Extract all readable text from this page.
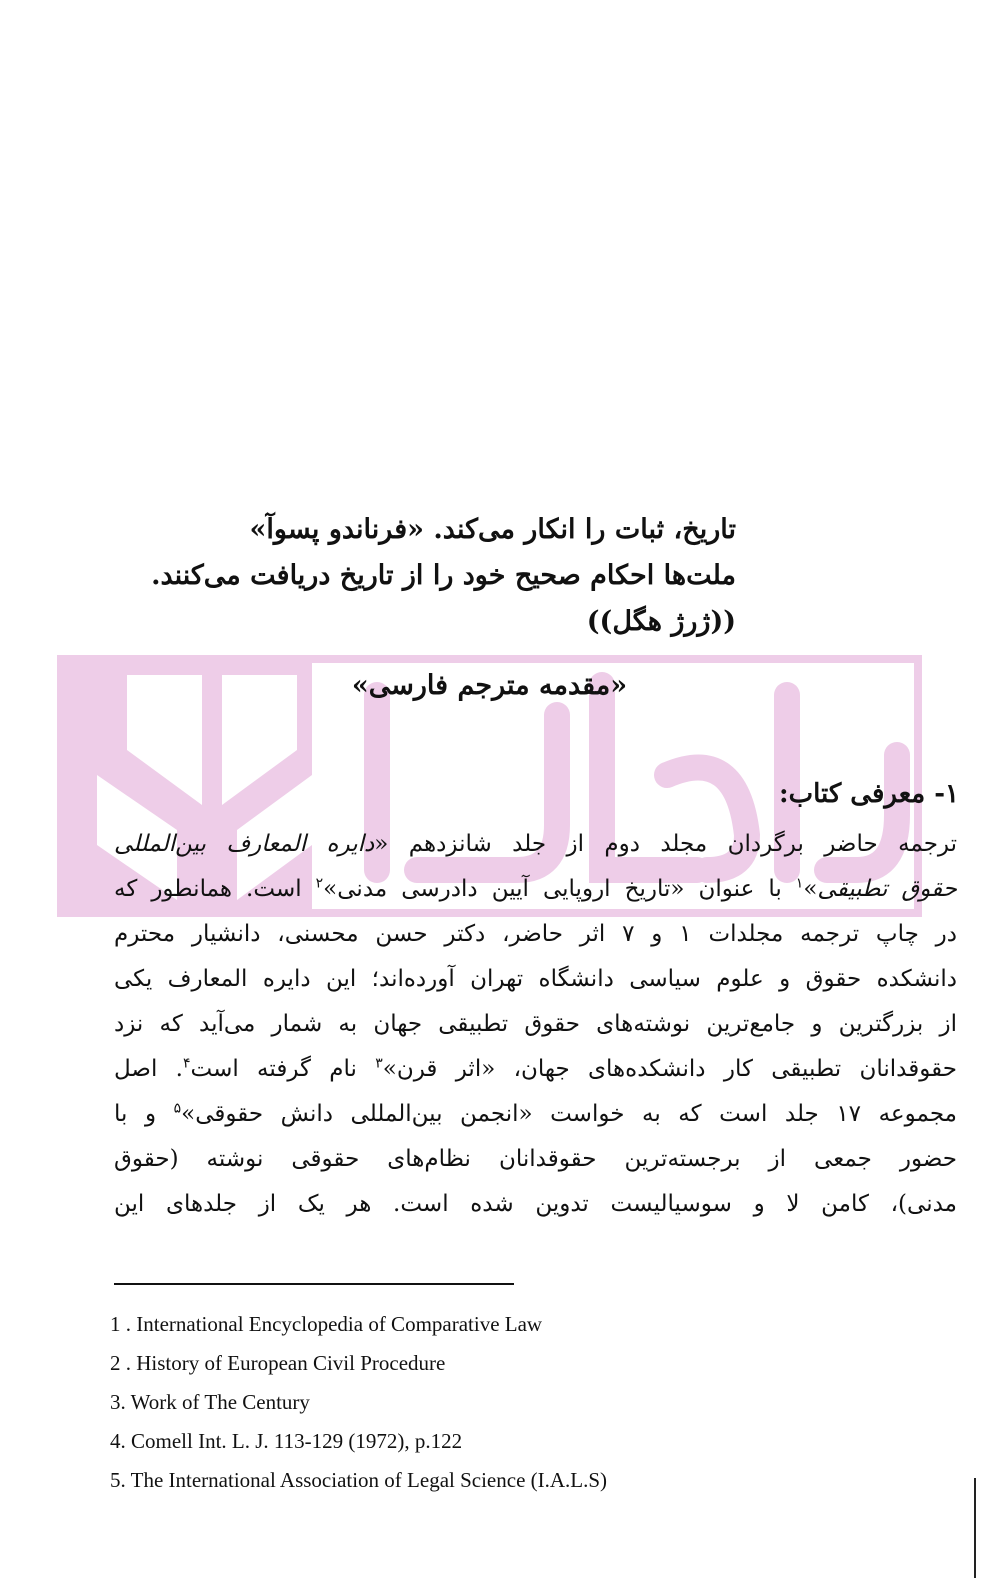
تاریخ، ثبات را انکار می‌کند. «فرناندو پسوآ»
ملت‌ها احکام صحیح خود را از تاریخ دریافت می‌کنند.
((ژرژ هگل))
«مقدمه مترجم فارسی»
۱- معرفی کتاب:
ترجمه حاضر برگردان مجلد دوم از جلد شانزدهم «دایره المعارف بین‌المللی
حقوق تطبیقی»$^۱$ با عنوان «تاریخ اروپایی آیین دادرسی مدنی»$^۲$ است. همانطور که
در چاپ ترجمه مجلدات ۱ و ۷ اثر حاضر، دکتر حسن محسنی، دانشیار محترم
دانشکده حقوق و علوم سیاسی دانشگاه تهران آورده‌اند؛ این دایره المعارف یکی
از بزرگترین و جامع‌ترین نوشته‌های حقوق تطبیقی جهان به شمار می‌آید که نزد
حقوقدانان تطبیقی کار دانشکده‌های جهان، «اثر قرن»$^۳$ نام گرفته است$^۴$. اصل
مجموعه ۱۷ جلد است که به خواست «انجمن بین‌المللی دانش حقوقی»$^۵$ و با
حضور جمعی از برجسته‌ترین حقوقدانان نظام‌های حقوقی نوشته (حقوق
مدنی)، کامن لا و سوسیالیست تدوین شده است. هر یک از جلدهای این
1 . International Encyclopedia of Comparative Law
2 . History of European Civil Procedure
3. Work of The Century
4. Comell Int. L. J. 113-129 (1972), p.122
5. The International Association of Legal Science (I.A.L.S)
